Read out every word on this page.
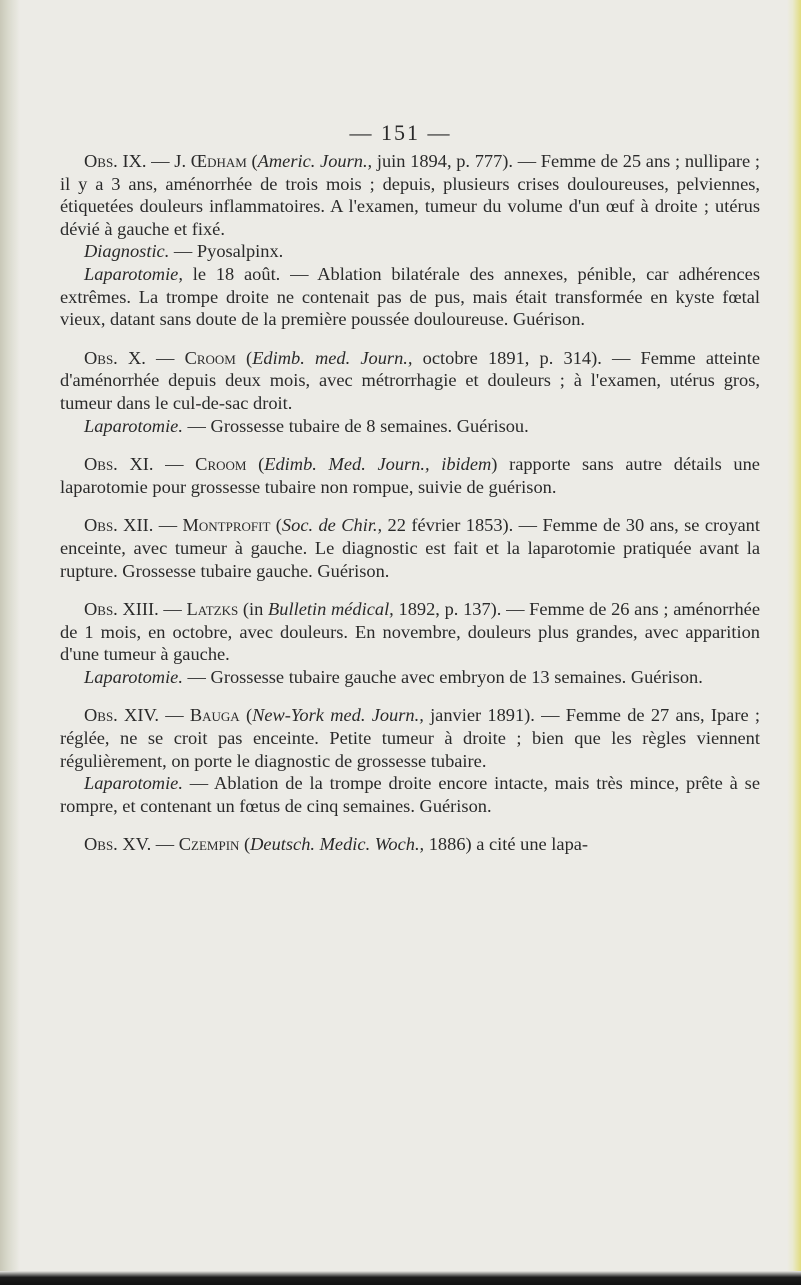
— 151 —

Obs. IX. — J. Œdham (Americ. Journ., juin 1894, p. 777). — Femme de 25 ans ; nullipare ; il y a 3 ans, aménorrhée de trois mois ; depuis, plusieurs crises douloureuses, pelviennes, étiquetées douleurs inflammatoires. A l'examen, tumeur du volume d'un œuf à droite ; utérus dévié à gauche et fixé.

Diagnostic. — Pyosalpinx.

Laparotomie, le 18 août. — Ablation bilatérale des annexes, pénible, car adhérences extrêmes. La trompe droite ne contenait pas de pus, mais était transformée en kyste fœtal vieux, datant sans doute de la première poussée douloureuse. Guérison.

Obs. X. — Croom (Edimb. med. Journ., octobre 1891, p. 314). — Femme atteinte d'aménorrhée depuis deux mois, avec métrorrhagie et douleurs ; à l'examen, utérus gros, tumeur dans le cul-de-sac droit.

Laparotomie. — Grossesse tubaire de 8 semaines. Guérisou.

Obs. XI. — Croom (Edimb. Med. Journ., ibidem) rapporte sans autre détails une laparotomie pour grossesse tubaire non rompue, suivie de guérison.

Obs. XII. — Montprofit (Soc. de Chir., 22 février 1853). — Femme de 30 ans, se croyant enceinte, avec tumeur à gauche. Le diagnostic est fait et la laparotomie pratiquée avant la rupture. Grossesse tubaire gauche. Guérison.

Obs. XIII. — Latzks (in Bulletin médical, 1892, p. 137). — Femme de 26 ans ; aménorrhée de 1 mois, en octobre, avec douleurs. En novembre, douleurs plus grandes, avec apparition d'une tumeur à gauche.

Laparotomie. — Grossesse tubaire gauche avec embryon de 13 semaines. Guérison.

Obs. XIV. — Bauga (New-York med. Journ., janvier 1891). — Femme de 27 ans, Ipare ; réglée, ne se croit pas enceinte. Petite tumeur à droite ; bien que les règles viennent régulièrement, on porte le diagnostic de grossesse tubaire.

Laparotomie. — Ablation de la trompe droite encore intacte, mais très mince, prête à se rompre, et contenant un fœtus de cinq semaines. Guérison.

Obs. XV. — Czempin (Deutsch. Medic. Woch., 1886) a cité une lapa-
